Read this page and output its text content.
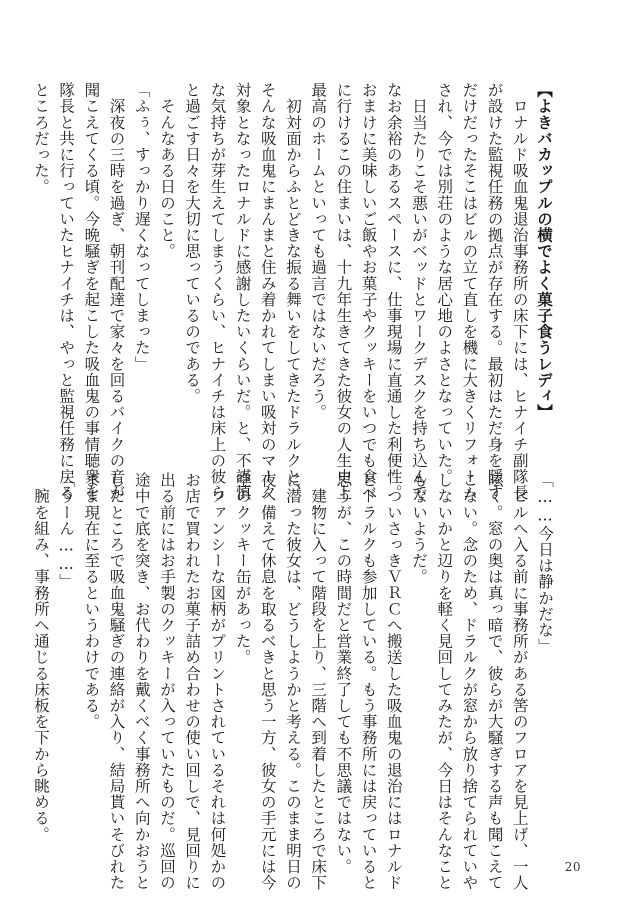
【よきバカップルの横でよく菓子食うレディ】
　ロナルド吸血鬼退治事務所の床下には、ヒナイチ副隊長
が設けた監視任務の拠点が存在する。最初はただ身を隠す
だけだったそこはビルの立て直しを機に大きくリフォーム
され、今では別荘のような居心地のよさとなっていた。
　日当たりこそ悪いがベッドとワークデスクを持ち込んで
なお余裕のあるスペースに、仕事現場に直通した利便性。
おまけに美味しいご飯やお菓子やクッキーをいつでも食べ
に行けるこの住まいは、十九年生きてきた彼女の人生史上
最高のホームといっても過言ではないだろう。
　初対面からふとどきな振る舞いをしてきたドラルクと、
そんな吸血鬼にまんまと住み着かれてしまい吸対のマーク
対象となったロナルドに感謝したいくらいだ。と、不謹慎
な気持ちが芽生えてしまうくらい、ヒナイチは床上の彼ら
と過ごす日々を大切に思っているのである。
　そんなある日のこと。
「ふぅ、すっかり遅くなってしまった」
　深夜の三時を過ぎ、朝刊配達で家々を回るバイクの音が
聞こえてくる頃。今晩騒ぎを起こした吸血鬼の事情聴衆を
隊長と共に行っていたヒナイチは、やっと監視任務に戻る
ところだった。
「……今日は静かだな」
　ビルへ入る前に事務所がある筈のフロアを見上げ、一人
呟く。窓の奥は真っ暗で、彼らが大騒ぎする声も聞こえて
こない。念のため、ドラルクが窓から放り捨てられていや
しないかと辺りを軽く見回してみたが、今日はそんなこと
もないようだ。
　ついさっきＶＲＣへ搬送した吸血鬼の退治にはロナルド
とドラルクも参加している。もう事務所には戻っていると
思うが、この時間だと営業終了しても不思議ではない。
　建物に入って階段を上り、三階へ到着したところで床下
に潜った彼女は、どうしようかと考える。このまま明日の
夜へ備えて休息を取るべきと思う一方、彼女の手元には今
空のクッキー缶があった。
　ファンシーな図柄がプリントされているそれは何処かの
お店で買われたお菓子詰め合わせの使い回しで、見回りに
出る前にはお手製のクッキーが入っていたものだ。巡回の
途中で底を突き、お代わりを戴くべく事務所へ向かおうと
したところで吸血鬼騒ぎの連絡が入り、結局貰いそびれた
まま現在に至るというわけである。
「うーん……」
　腕を組み、事務所へ通じる床板を下から眺める。
20
